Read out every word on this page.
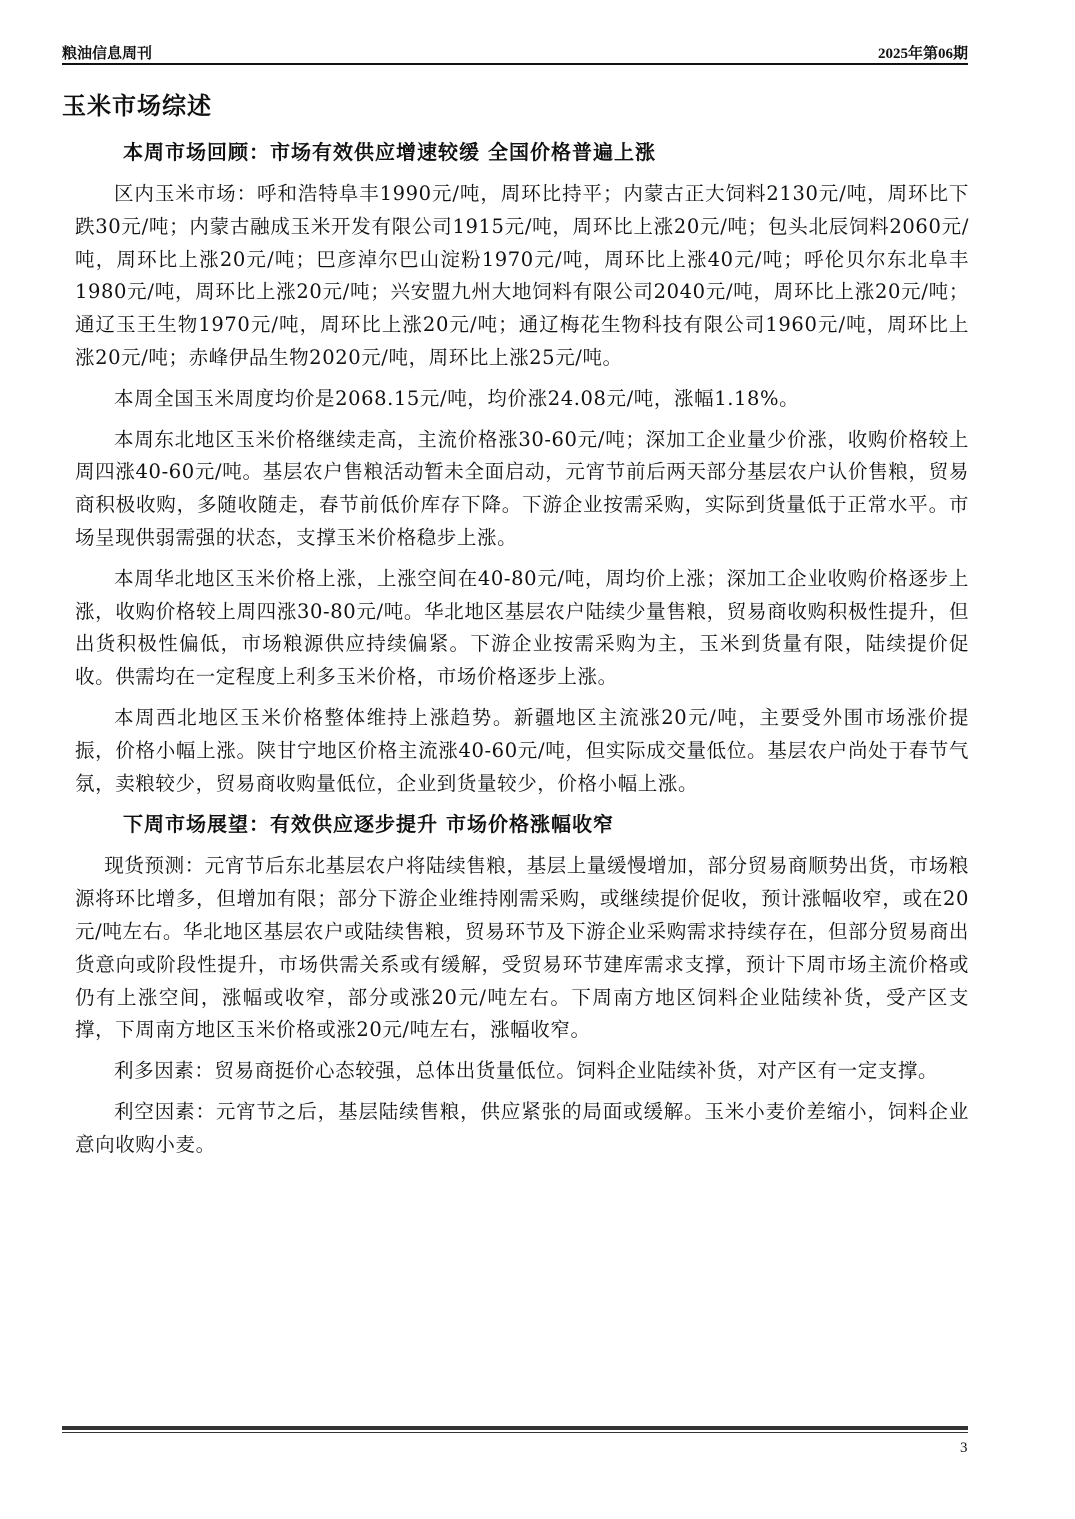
粮油信息周刊	2025年第06期
玉米市场综述
本周市场回顾：市场有效供应增速较缓 全国价格普遍上涨

区内玉米市场：呼和浩特阜丰1990元/吨，周环比持平；内蒙古正大饲料2130元/吨，周环比下跌30元/吨；内蒙古融成玉米开发有限公司1915元/吨，周环比上涨20元/吨；包头北辰饲料2060元/吨，周环比上涨20元/吨；巴彦淖尔巴山淀粉1970元/吨，周环比上涨40元/吨；呼伦贝尔东北阜丰1980元/吨，周环比上涨20元/吨；兴安盟九州大地饲料有限公司2040元/吨，周环比上涨20元/吨；通辽玉王生物1970元/吨，周环比上涨20元/吨；通辽梅花生物科技有限公司1960元/吨，周环比上涨20元/吨；赤峰伊品生物2020元/吨，周环比上涨25元/吨。

本周全国玉米周度均价是2068.15元/吨，均价涨24.08元/吨，涨幅1.18%。

本周东北地区玉米价格继续走高，主流价格涨30-60元/吨；深加工企业量少价涨，收购价格较上周四涨40-60元/吨。基层农户售粮活动暂未全面启动，元宵节前后两天部分基层农户认价售粮，贸易商积极收购，多随收随走，春节前低价库存下降。下游企业按需采购，实际到货量低于正常水平。市场呈现供弱需强的状态，支撑玉米价格稳步上涨。

本周华北地区玉米价格上涨，上涨空间在40-80元/吨，周均价上涨；深加工企业收购价格逐步上涨，收购价格较上周四涨30-80元/吨。华北地区基层农户陆续少量售粮，贸易商收购积极性提升，但出货积极性偏低，市场粮源供应持续偏紧。下游企业按需采购为主，玉米到货量有限，陆续提价促收。供需均在一定程度上利多玉米价格，市场价格逐步上涨。

本周西北地区玉米价格整体维持上涨趋势。新疆地区主流涨20元/吨，主要受外围市场涨价提振，价格小幅上涨。陕甘宁地区价格主流涨40-60元/吨，但实际成交量低位。基层农户尚处于春节气氛，卖粮较少，贸易商收购量低位，企业到货量较少，价格小幅上涨。

下周市场展望：有效供应逐步提升 市场价格涨幅收窄

现货预测：元宵节后东北基层农户将陆续售粮，基层上量缓慢增加，部分贸易商顺势出货，市场粮源将环比增多，但增加有限；部分下游企业维持刚需采购，或继续提价促收，预计涨幅收窄，或在20元/吨左右。华北地区基层农户或陆续售粮，贸易环节及下游企业采购需求持续存在，但部分贸易商出货意向或阶段性提升，市场供需关系或有缓解，受贸易环节建库需求支撑，预计下周市场主流价格或仍有上涨空间，涨幅或收窄，部分或涨20元/吨左右。下周南方地区饲料企业陆续补货，受产区支撑，下周南方地区玉米价格或涨20元/吨左右，涨幅收窄。

利多因素：贸易商挺价心态较强，总体出货量低位。饲料企业陆续补货，对产区有一定支撑。

利空因素：元宵节之后，基层陆续售粮，供应紧张的局面或缓解。玉米小麦价差缩小，饲料企业意向收购小麦。

3
